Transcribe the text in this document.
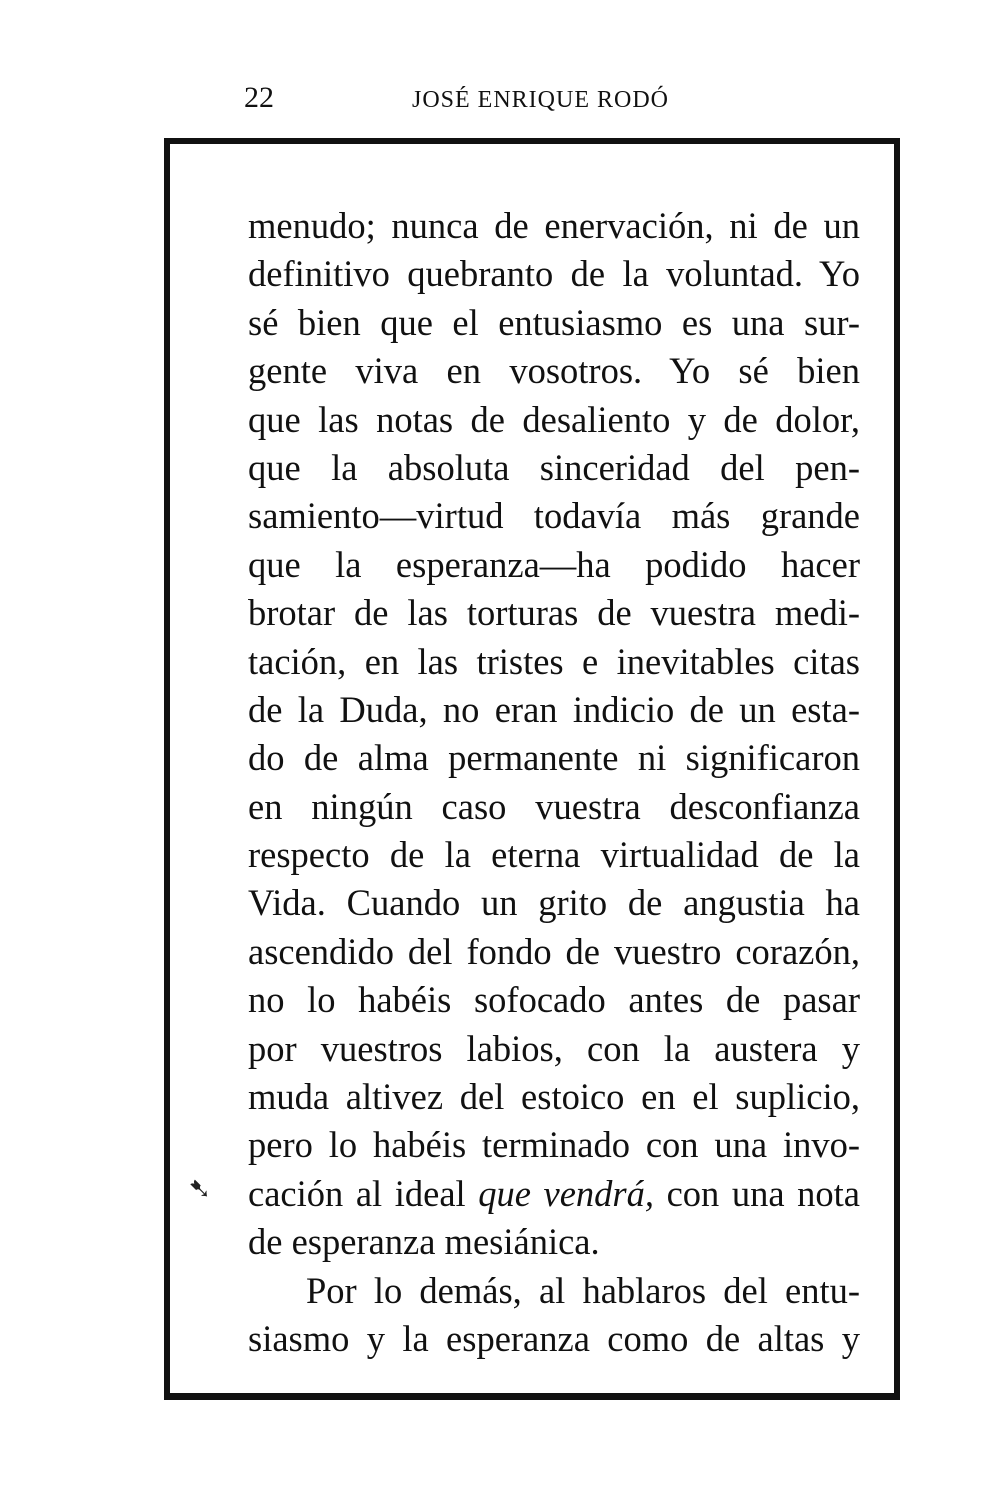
22	JOSÉ ENRIQUE RODÓ
➷
menudo; nunca de enervación, ni de un
definitivo quebranto de la voluntad. Yo
sé bien que el entusiasmo es una sur-
gente viva en vosotros. Yo sé bien
que las notas de desaliento y de dolor,
que la absoluta sinceridad del pen-
samiento—virtud todavía más grande
que la esperanza—ha podido hacer
brotar de las torturas de vuestra medi-
tación, en las tristes e inevitables citas
de la Duda, no eran indicio de un esta-
do de alma permanente ni significaron
en ningún caso vuestra desconfianza
respecto de la eterna virtualidad de la
Vida. Cuando un grito de angustia ha
ascendido del fondo de vuestro corazón,
no lo habéis sofocado antes de pasar
por vuestros labios, con la austera y
muda altivez del estoico en el suplicio,
pero lo habéis terminado con una invo-
cación al ideal que vendrá, con una nota
de esperanza mesiánica.
Por lo demás, al hablaros del entu-
siasmo y la esperanza como de altas y
